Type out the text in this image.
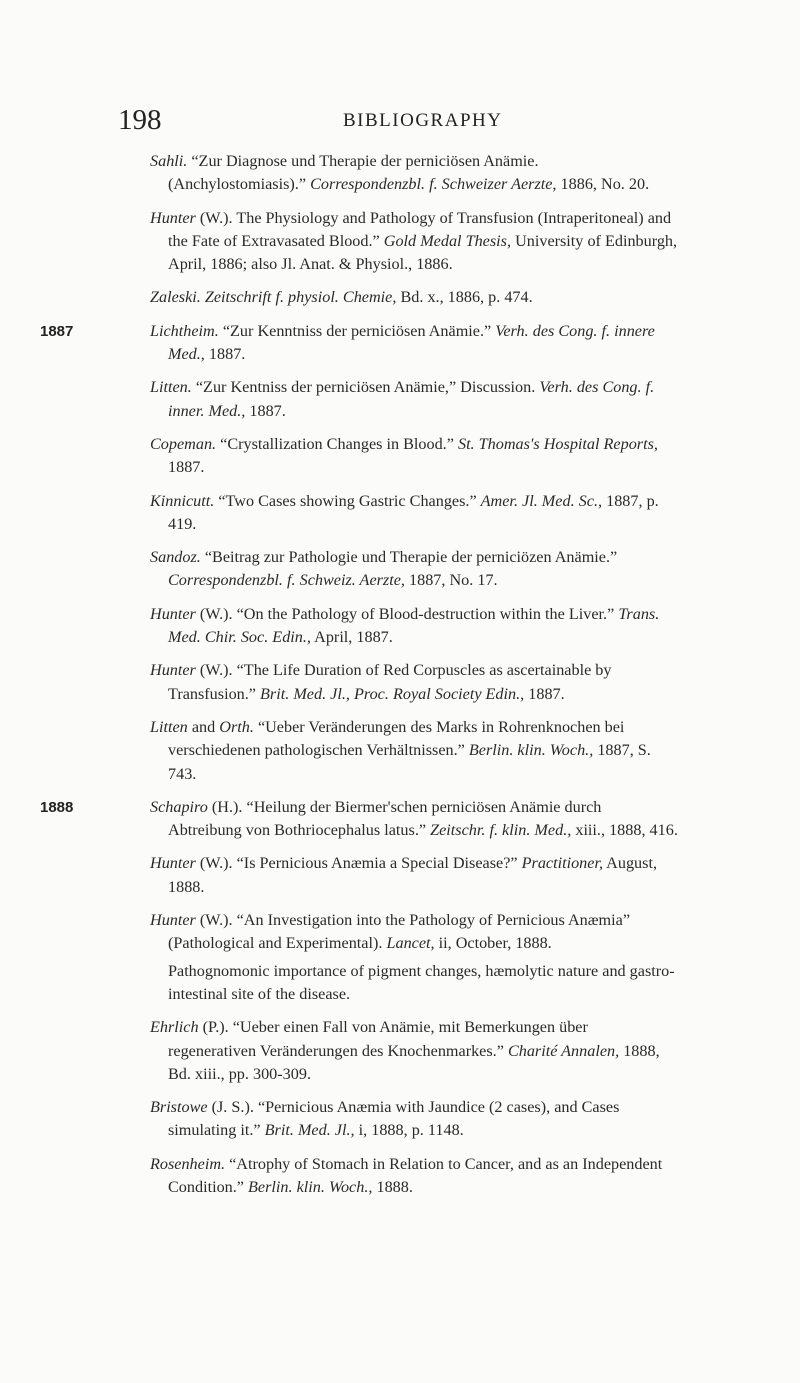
198	BIBLIOGRAPHY

Sahli. “Zur Diagnose und Therapie der perniciösen Anämie. (Anchylostomiasis).” Correspondenzbl. f. Schweizer Aerzte, 1886, No. 20.

Hunter (W.). The Physiology and Pathology of Transfusion (Intraperitoneal) and the Fate of Extravasated Blood.” Gold Medal Thesis, University of Edinburgh, April, 1886; also Jl. Anat. & Physiol., 1886.

Zaleski. Zeitschrift f. physiol. Chemie, Bd. x., 1886, p. 474.

1887	Lichtheim. “Zur Kenntniss der perniciösen Anämie.” Verh. des Cong. f. innere Med., 1887.

Litten. “Zur Kentniss der perniciösen Anämie,” Discussion. Verh. des Cong. f. inner. Med., 1887.

Copeman. “Crystallization Changes in Blood.” St. Thomas's Hospital Reports, 1887.

Kinnicutt. “Two Cases showing Gastric Changes.” Amer. Jl. Med. Sc., 1887, p. 419.

Sandoz. “Beitrag zur Pathologie und Therapie der perniciözen Anämie.” Correspondenzbl. f. Schweiz. Aerzte, 1887, No. 17.

Hunter (W.). “On the Pathology of Blood-destruction within the Liver.” Trans. Med. Chir. Soc. Edin., April, 1887.

Hunter (W.). “The Life Duration of Red Corpuscles as ascertainable by Transfusion.” Brit. Med. Jl., Proc. Royal Society Edin., 1887.

Litten and Orth. “Ueber Veränderungen des Marks in Rohrenknochen bei verschiedenen pathologischen Verhältnissen.” Berlin. klin. Woch., 1887, S. 743.

1888	Schapiro (H.). “Heilung der Biermer'schen perniciösen Anämie durch Abtreibung von Bothriocephalus latus.” Zeitschr. f. klin. Med., xiii., 1888, 416.

Hunter (W.). “Is Pernicious Anæmia a Special Disease?” Practitioner, August, 1888.

Hunter (W.). “An Investigation into the Pathology of Pernicious Anæmia” (Pathological and Experimental). Lancet, ii, October, 1888.
Pathognomonic importance of pigment changes, hæmolytic nature and gastro-intestinal site of the disease.

Ehrlich (P.). “Ueber einen Fall von Anämie, mit Bemerkungen über regenerativen Veränderungen des Knochenmarkes.” Charité Annalen, 1888, Bd. xiii., pp. 300-309.

Bristowe (J. S.). “Pernicious Anæmia with Jaundice (2 cases), and Cases simulating it.” Brit. Med. Jl., i, 1888, p. 1148.

Rosenheim. “Atrophy of Stomach in Relation to Cancer, and as an Independent Condition.” Berlin. klin. Woch., 1888.
